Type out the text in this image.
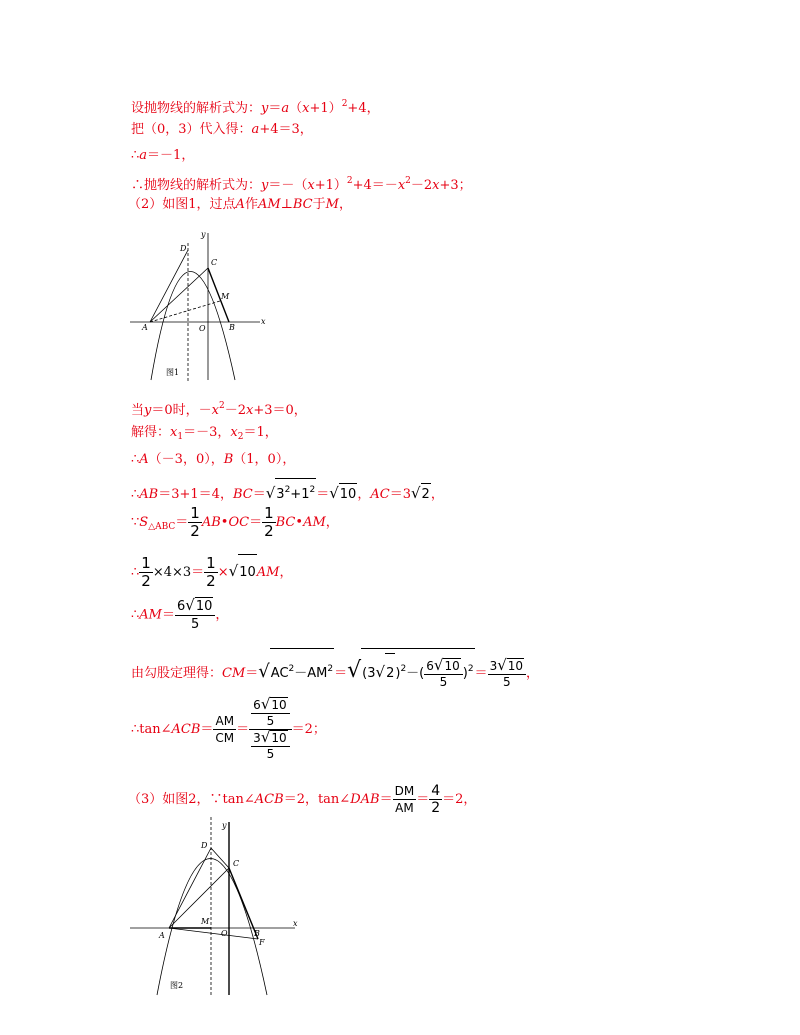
设抛物线的解析式为：$y=a(x+1)^2+4$，
把（0，3）代入得：a+4＝3，
∴a＝－1，
∴抛物线的解析式为：$y=-(x+1)^2+4=-x^2-2x+3$；
（2）如图1，过点A作AM⊥BC于M，
D
C
M
A	O	B
x
y
图1
当y＝0时，$-x^2-2x+3=0$，
解得：$x_1=-3$，$x_2=1$，
∴A（－3，0），B（1，0），
∴AB＝3+1＝4，$BC=√3^2+1^2=√10$，AC＝3√2，
$\because S_{\triangle ABC}= \frac{1}{2}$ AB•OC＝ $\frac{1}{2}$ BC•AM，
∴ $\frac{1}{2} \times 4\times 3= \frac{1}{2} \times√10AM$，
∴AM＝ $\frac{6√10}{5}$ ，
由勾股定理得：$CM=√AC^2-AM^2=√(3√2)^2-( \frac{6√10}{5} )^2= \frac{3√10}{5}$ ，
∴tan∠ACB＝ $\frac{AM}{CM} = \frac{\frac{6√10}{5}}{\frac{3√10}{5}} =2$；
（3）如图2，∵tan∠ACB＝2，tan∠DAB＝ $\frac{DM}{AM} = \frac{4}{2} =2$，
D
C
M
A	O	B
F
x
y
图2
